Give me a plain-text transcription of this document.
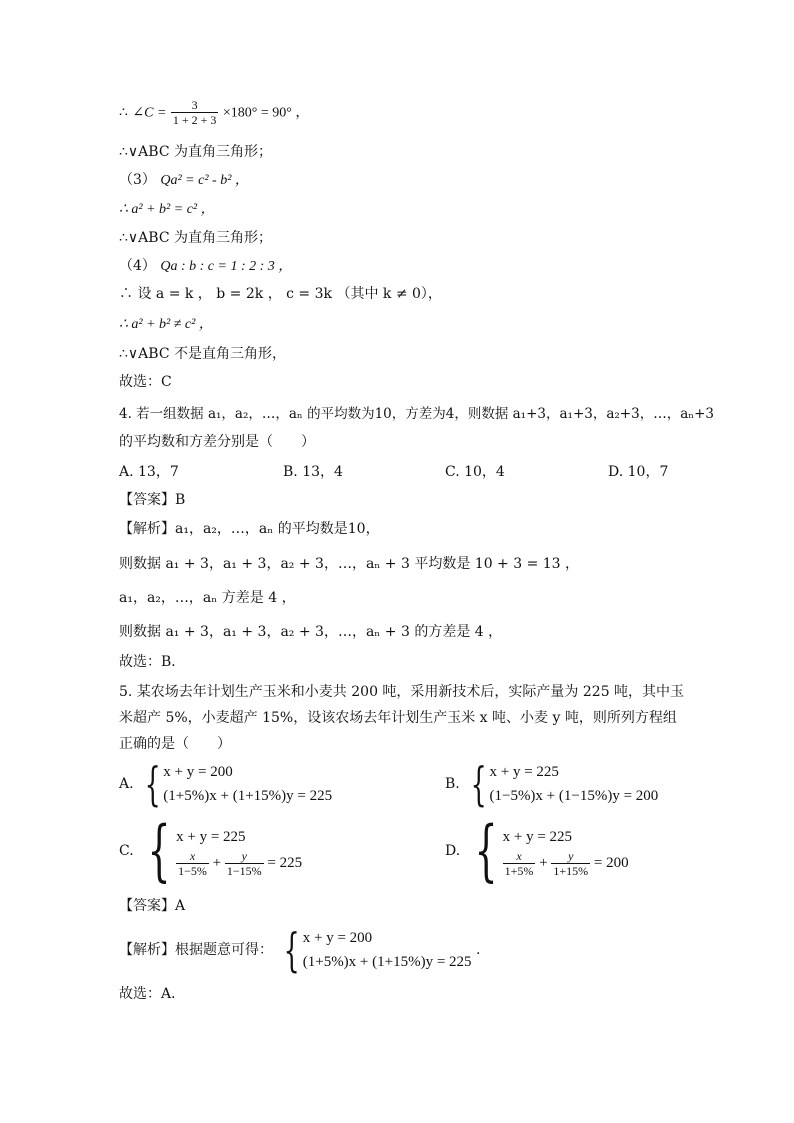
∴ ∠C = $\frac{3}{1 + 2 + 3} \times 180^\circ = 90^\circ$ ，
∴∨ABC 为直角三角形；
（3） Qa² = c² - b² ，
∴ a² + b² = c² ，
∴∨ABC 为直角三角形；
（4） Qa : b : c = 1 : 2 : 3 ，
∴ 设 a = k ， b = 2k ， c = 3k （其中 k ≠ 0），
∴ a² + b² ≠ c² ，
∴∨ABC 不是直角三角形，
故选：C
4. 若一组数据 a₁，a₂，…，aₙ 的平均数为10，方差为4，则数据 a₁+3，a₁+3，a₂+3，…，aₙ+3
的平均数和方差分别是（　　）
A. 13，7	B. 13，4	C. 10，4	D. 10，7
【答案】B
【解析】a₁，a₂，…，aₙ 的平均数是10，
则数据 a₁ + 3，a₁ + 3，a₂ + 3，…，aₙ + 3 平均数是 10 + 3 = 13 ，
a₁，a₂，…，aₙ 方差是 4 ，
则数据 a₁ + 3，a₁ + 3，a₂ + 3，…，aₙ + 3 的方差是 4 ，
故选：B．
5. 某农场去年计划生产玉米和小麦共 200 吨，采用新技术后，实际产量为 225 吨，其中玉
米超产 5%，小麦超产 15%，设该农场去年计划生产玉米 x 吨、小麦 y 吨，则所列方程组
正确的是（　　）
A. { x + y = 200
(1+5%)x + (1+15%)y = 225
B. { x + y = 225
(1−5%)x + (1−15%)y = 200
C. { x + y = 225
$\frac{x}{1-5\%} + \frac{y}{1-15\%} = 225$
D. { x + y = 225
$\frac{x}{1+5\%} + \frac{y}{1+15\%} = 200$
【答案】A
【解析】根据题意可得： { x + y = 200
(1+5%)x + (1+15%)y = 225
.
故选：A．
